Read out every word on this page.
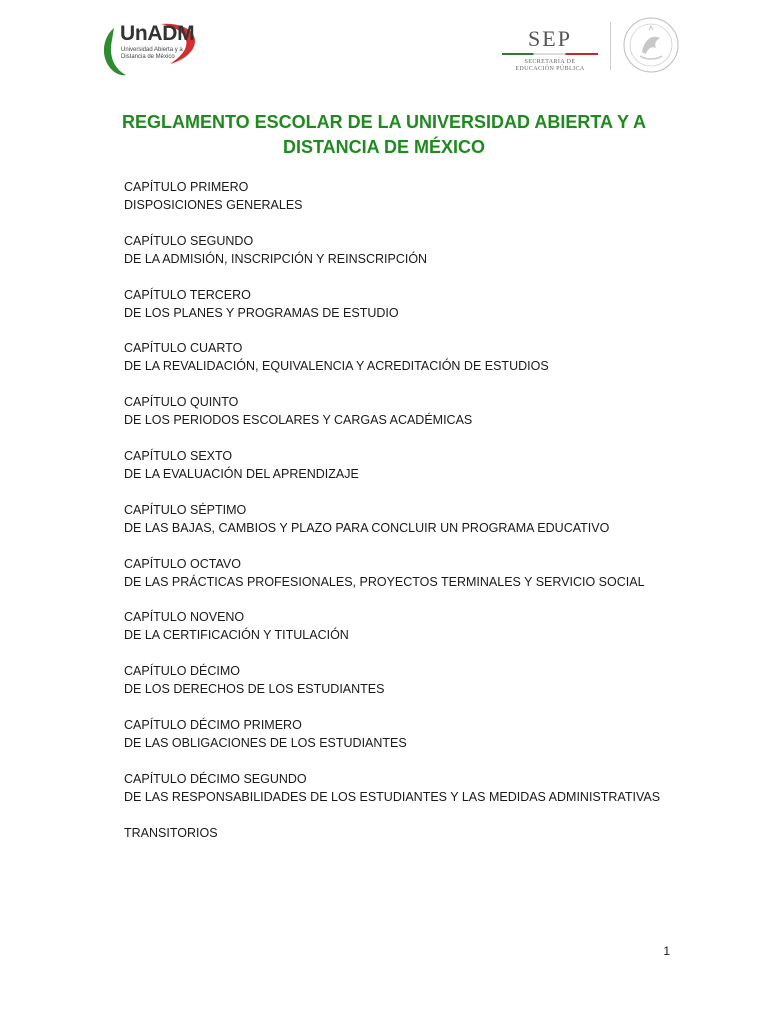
UnADM
Universidad Abierta y a
Distancia de México
SEP
SECRETARÍA DE
EDUCACIÓN PÚBLICA
REGLAMENTO ESCOLAR DE LA UNIVERSIDAD ABIERTA Y A DISTANCIA DE MÉXICO
CAPÍTULO PRIMERO
DISPOSICIONES GENERALES
CAPÍTULO SEGUNDO
DE LA ADMISIÓN, INSCRIPCIÓN Y REINSCRIPCIÓN
CAPÍTULO TERCERO
DE LOS PLANES Y PROGRAMAS DE ESTUDIO
CAPÍTULO CUARTO
DE LA REVALIDACIÓN, EQUIVALENCIA Y ACREDITACIÓN DE ESTUDIOS
CAPÍTULO QUINTO
DE LOS PERIODOS ESCOLARES Y CARGAS ACADÉMICAS
CAPÍTULO SEXTO
DE LA EVALUACIÓN DEL APRENDIZAJE
CAPÍTULO SÉPTIMO
DE LAS BAJAS, CAMBIOS Y PLAZO PARA CONCLUIR UN PROGRAMA EDUCATIVO
CAPÍTULO OCTAVO
DE LAS PRÁCTICAS PROFESIONALES, PROYECTOS TERMINALES Y SERVICIO SOCIAL
CAPÍTULO NOVENO
DE LA CERTIFICACIÓN Y TITULACIÓN
CAPÍTULO DÉCIMO
DE LOS DERECHOS DE LOS ESTUDIANTES
CAPÍTULO DÉCIMO PRIMERO
DE LAS OBLIGACIONES DE LOS ESTUDIANTES
CAPÍTULO DÉCIMO SEGUNDO
DE LAS RESPONSABILIDADES DE LOS ESTUDIANTES Y LAS MEDIDAS ADMINISTRATIVAS
TRANSITORIOS
1
